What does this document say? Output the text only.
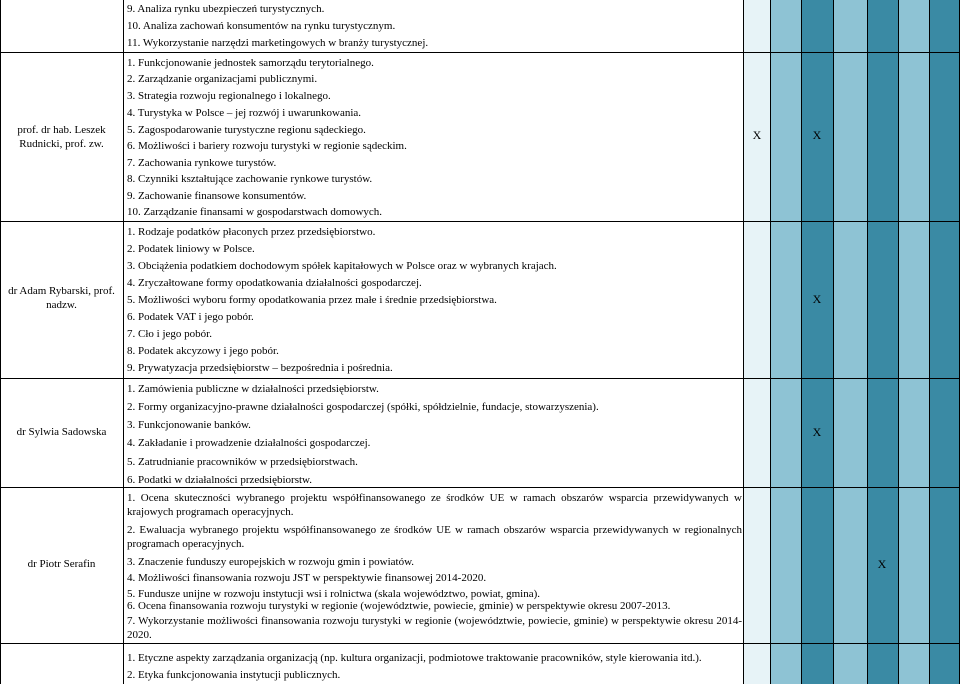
9. Analiza rynku ubezpieczeń turystycznych.
10. Analiza zachowań konsumentów na rynku turystycznym.
11. Wykorzystanie narzędzi marketingowych w branży turystycznej.
prof. dr hab. Leszek Rudnicki, prof. zw.
1. Funkcjonowanie jednostek samorządu terytorialnego.
2. Zarządzanie organizacjami publicznymi.
3. Strategia rozwoju regionalnego i lokalnego.
4. Turystyka w Polsce – jej rozwój i uwarunkowania.
5. Zagospodarowanie turystyczne regionu sądeckiego.
6. Możliwości i bariery rozwoju turystyki w regionie sądeckim.
7. Zachowania rynkowe turystów.
8. Czynniki kształtujące zachowanie rynkowe turystów.
9. Zachowanie finansowe konsumentów.
10. Zarządzanie finansami w gospodarstwach domowych.
X	X
dr Adam Rybarski, prof. nadzw.
1. Rodzaje podatków płaconych przez przedsiębiorstwo.
2. Podatek liniowy w Polsce.
3. Obciążenia podatkiem dochodowym spółek kapitałowych w Polsce oraz w wybranych krajach.
4. Zryczałtowane formy opodatkowania działalności gospodarczej.
5. Możliwości wyboru formy opodatkowania przez małe i średnie przedsiębiorstwa.
6. Podatek VAT i jego pobór.
7. Cło i jego pobór.
8. Podatek akcyzowy i jego pobór.
9. Prywatyzacja przedsiębiorstw – bezpośrednia i pośrednia.
X
dr Sylwia Sadowska
1. Zamówienia publiczne w działalności przedsiębiorstw.
2. Formy organizacyjno-prawne działalności gospodarczej (spółki, spółdzielnie, fundacje, stowarzyszenia).
3. Funkcjonowanie banków.
4. Zakładanie i prowadzenie działalności gospodarczej.
5. Zatrudnianie pracowników w przedsiębiorstwach.
6. Podatki w działalności przedsiębiorstw.
X
dr Piotr Serafin
1. Ocena skuteczności wybranego projektu współfinansowanego ze środków UE w ramach obszarów wsparcia przewidywanych w krajowych programach operacyjnych.
2. Ewaluacja wybranego projektu współfinansowanego ze środków UE w ramach obszarów wsparcia przewidywanych w regionalnych programach operacyjnych.
3. Znaczenie funduszy europejskich w rozwoju gmin i powiatów.
4. Możliwości finansowania rozwoju JST w perspektywie finansowej 2014-2020.
5. Fundusze unijne w rozwoju instytucji wsi i rolnictwa (skala województwo, powiat, gmina).
6. Ocena finansowania rozwoju turystyki w regionie (województwie, powiecie, gminie) w perspektywie okresu 2007-2013.
7. Wykorzystanie możliwości finansowania rozwoju turystyki w regionie (województwie, powiecie, gminie) w perspektywie okresu 2014-2020.
X
1. Etyczne aspekty zarządzania organizacją (np. kultura organizacji, podmiotowe traktowanie pracowników, style kierowania itd.).
2. Etyka funkcjonowania instytucji publicznych.
